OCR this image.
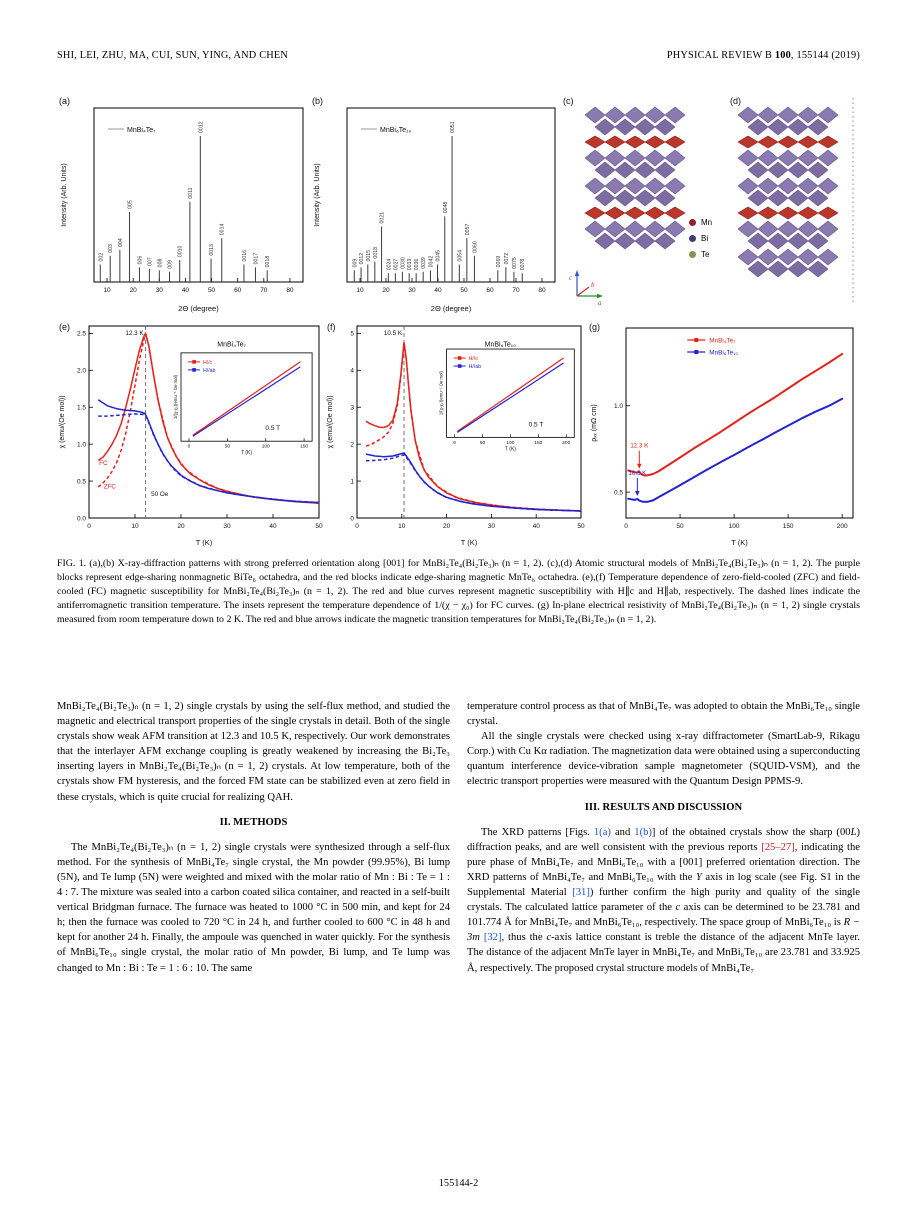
SHI, LEI, ZHU, MA, CUI, SUN, YING, AND CHEN	PHYSICAL REVIEW B 100, 155144 (2019)
10	20	30	40	50	60	70	80
2Θ (degree)
Intensity (Arb. Units)
(a)
MnBi₄Te₇
002
003
004
005
006 007 008 009
0010
0011
0012
0013
0014
0016 0017 0018
10	20	30	40	50	60	70	80
2Θ (degree)
Intensity (Arb. Units)
(b)
MnBi₆Te₁₀
009 0012 0015 0018
0021
0024 0027 0030 0033 0036 0039 0042
0045
0048
0051
0054
0057
0060
0069 0072 0075 0078
(c)
c
a
b
(d)
Mn
Bi
Te
0	10	20	30	40	50
0.0
0.5
1.0
1.5
2.0
2.5
T (K)
χ (emu/(Oe mol))
(e)
12.3 K
FC
ZFC
50 Oe
MnBi₄Te₇
0	50	100	150
H//c
H//ab
0.5 T
1/(χ-χ₀)(emu⁻¹ Oe mol)
T (K)
0	10	20	30	40	50
0
1
2
3
4
5
T (K)
χ (emu/(Oe mol))
(f)
10.5 K
MnBi₆Te₁₀
0	50	100	150	200
H//c
H//ab
0.5 T
1/(χ-χ₀)(emu⁻¹ Oe mol)
T (K)
0	50	100	150	200
0.5
1.0
T (K)
ρₓₓ (mΩ cm)
(g)
MnBi₄Te₇
MnBi₆Te₁₀
12.3 K
10.5 K

FIG. 1. (a),(b) X-ray-diffraction patterns with strong preferred orientation along [001] for MnBi₂Te₄(Bi₂Te₃)ₙ (n = 1, 2). (c),(d) Atomic structural models of MnBi₂Te₄(Bi₂Te₃)ₙ (n = 1, 2). The purple blocks represent edge-sharing nonmagnetic BiTe₆ octahedra, and the red blocks indicate edge-sharing magnetic MnTe₆ octahedra. (e),(f) Temperature dependence of zero-field-cooled (ZFC) and field-cooled (FC) magnetic susceptibility for MnBi₂Te₄(Bi₂Te₃)ₙ (n = 1, 2). The red and blue curves represent magnetic susceptibility with H∥c and H∥ab, respectively. The dashed lines indicate the antiferromagnetic transition temperature. The insets represent the temperature dependence of 1/(χ − χ₀) for FC curves. (g) In-plane electrical resistivity of MnBi₂Te₄(Bi₂Te₃)ₙ (n = 1, 2) single crystals measured from room temperature down to 2 K. The red and blue arrows indicate the magnetic transition temperatures for MnBi₂Te₄(Bi₂Te₃)ₙ (n = 1, 2).

MnBi₂Te₄(Bi₂Te₃)ₙ (n = 1, 2) single crystals by using the self-flux method, and studied the magnetic and electrical transport properties of the single crystals in detail. Both of the single crystals show weak AFM transition at 12.3 and 10.5 K, respectively. Our work demonstrates that the interlayer AFM exchange coupling is greatly weakened by increasing the Bi₂Te₃ inserting layers in MnBi₂Te₄(Bi₂Te₃)ₙ (n = 1, 2) crystals. At low temperature, both of the crystals show FM hysteresis, and the forced FM state can be stabilized even at zero field in these crystals, which is quite crucial for realizing QAH.

II. METHODS

The MnBi₂Te₄(Bi₂Te₃)ₙ (n = 1, 2) single crystals were synthesized through a self-flux method. For the synthesis of MnBi₄Te₇ single crystal, the Mn powder (99.95%), Bi lump (5N), and Te lump (5N) were weighted and mixed with the molar ratio of Mn : Bi : Te = 1 : 4 : 7. The mixture was sealed into a carbon coated silica container, and reacted in a self-built vertical Bridgman furnace. The furnace was heated to 1000 °C in 500 min, and kept for 24 h; then the furnace was cooled to 720 °C in 24 h, and further cooled to 600 °C in 48 h and kept for another 24 h. Finally, the ampoule was quenched in water quickly. For the synthesis of MnBi₆Te₁₀ single crystal, the molar ratio of Mn powder, Bi lump, and Te lump was changed to Mn : Bi : Te = 1 : 6 : 10. The same

temperature control process as that of MnBi₄Te₇ was adopted to obtain the MnBi₆Te₁₀ single crystal.

All the single crystals were checked using x-ray diffractometer (SmartLab-9, Rikagu Corp.) with Cu Kα radiation. The magnetization data were obtained using a superconducting quantum interference device-vibration sample magnetometer (SQUID-VSM), and the electric transport properties were measured with the Quantum Design PPMS-9.

III. RESULTS AND DISCUSSION

The XRD patterns [Figs. 1(a) and 1(b)] of the obtained crystals show the sharp (00L) diffraction peaks, and are well consistent with the previous reports [25–27], indicating the pure phase of MnBi₄Te₇ and MnBi₆Te₁₀ with a [001] preferred orientation direction. The XRD patterns of MnBi₄Te₇ and MnBi₆Te₁₀ with the Y axis in log scale (see Fig. S1 in the Supplemental Material [31]) further confirm the high purity and quality of the single crystals. The calculated lattice parameter of the c axis can be determined to be 23.781 and 101.774 Å for MnBi₄Te₇ and MnBi₆Te₁₀, respectively. The space group of MnBi₆Te₁₀ is R − 3m [32], thus the c-axis lattice constant is treble the distance of the adjacent MnTe layer. The distance of the adjacent MnTe layer in MnBi₄Te₇ and MnBi₆Te₁₀ are 23.781 and 33.925 Å, respectively. The proposed crystal structure models of MnBi₄Te₇

155144-2
